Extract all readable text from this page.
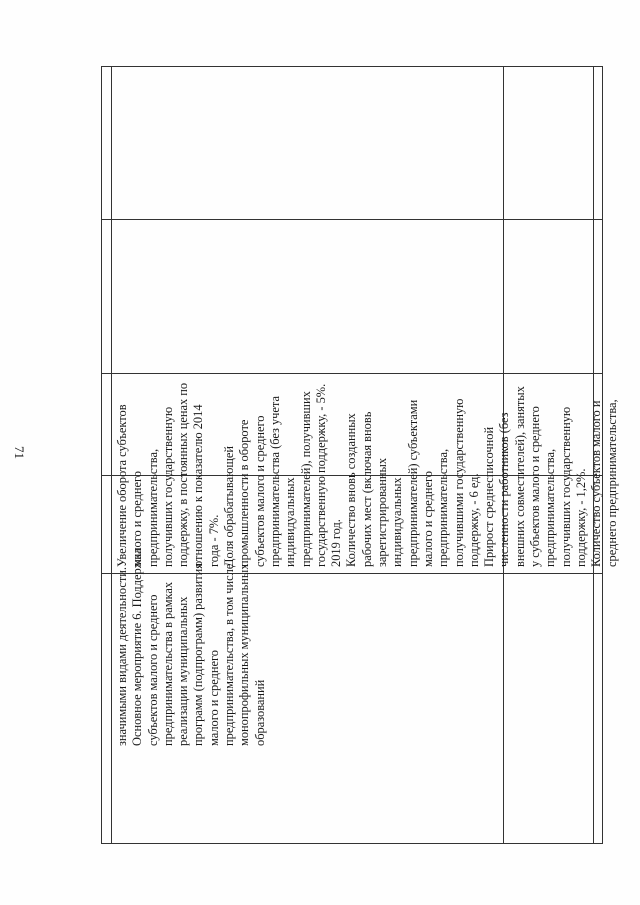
71
значимыми видами деятельности. Основное мероприятие 6. Поддержка субъектов малого и среднего предпринимательства в рамках реализации муниципальных программ (подпрограмм) развития малого и среднего предпринимательства, в том числе монопрофильных муниципальных образований
Увеличение оборота субъектов малого и среднего предпринимательства, получивших государственную поддержку, в постоянных ценах по отношению к показателю 2014 года - 7%. Доля обрабатывающей промышленности в обороте субъектов малого и среднего предпринимательства (без учета индивидуальных предпринимателей), получивших государственную поддержку, - 5%. 2019 год. Количество вновь созданных рабочих мест (включая вновь зарегистрированных индивидуальных предпринимателей) субъектами малого и среднего предпринимательства, получившими государственную поддержку, - 6 ед. Прирост среднесписочной численности работников (без внешних совместителей), занятых у субъектов малого и среднего предпринимательства, получивших государственную поддержку, - 1,2%. Количество субъектов малого и среднего предпринимательства,
